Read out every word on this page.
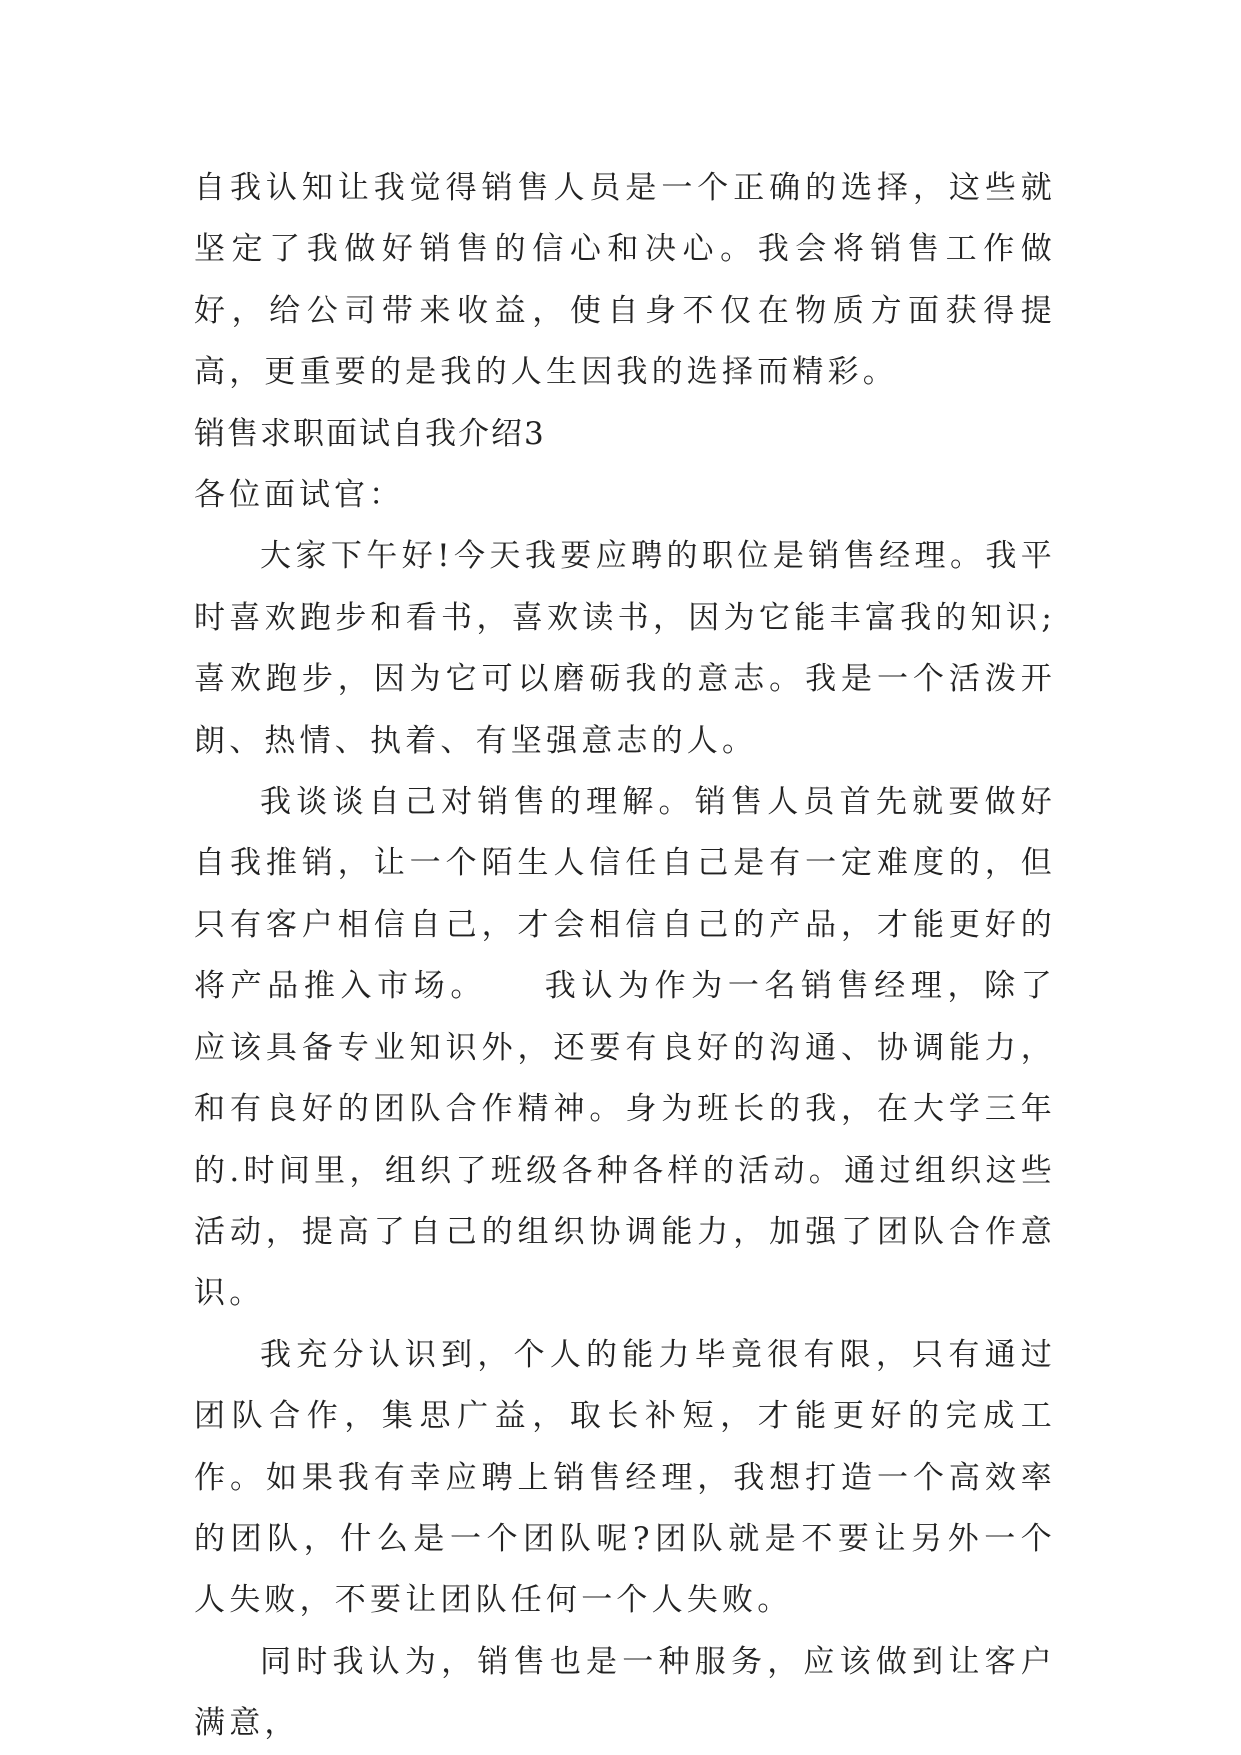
自我认知让我觉得销售人员是一个正确的选择，这些就坚定了我做好销售的信心和决心。我会将销售工作做好，给公司带来收益，使自身不仅在物质方面获得提高，更重要的是我的人生因我的选择而精彩。

销售求职面试自我介绍3

各位面试官：

大家下午好!今天我要应聘的职位是销售经理。我平时喜欢跑步和看书，喜欢读书，因为它能丰富我的知识;喜欢跑步，因为它可以磨砺我的意志。我是一个活泼开朗、热情、执着、有坚强意志的人。

我谈谈自己对销售的理解。销售人员首先就要做好自我推销，让一个陌生人信任自己是有一定难度的，但只有客户相信自己，才会相信自己的产品，才能更好的将产品推入市场。　　我认为作为一名销售经理，除了应该具备专业知识外，还要有良好的沟通、协调能力，和有良好的团队合作精神。身为班长的我，在大学三年的.时间里，组织了班级各种各样的活动。通过组织这些活动，提高了自己的组织协调能力，加强了团队合作意识。

我充分认识到，个人的能力毕竟很有限，只有通过团队合作，集思广益，取长补短，才能更好的完成工作。如果我有幸应聘上销售经理，我想打造一个高效率的团队，什么是一个团队呢?团队就是不要让另外一个人失败，不要让团队任何一个人失败。

同时我认为，销售也是一种服务，应该做到让客户满意，
